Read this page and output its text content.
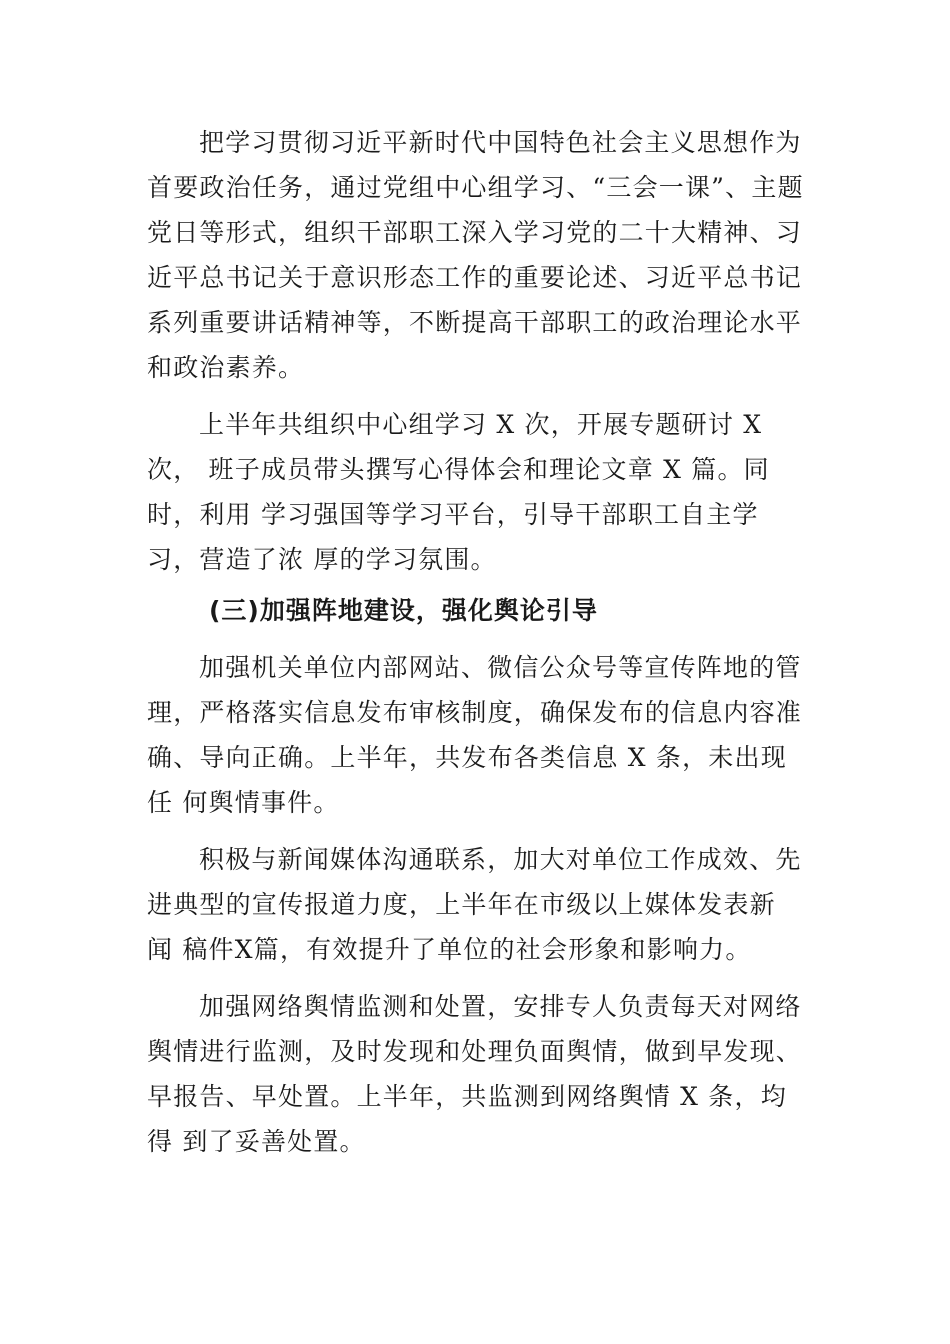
把学习贯彻习近平新时代中国特色社会主义思想作为
首要政治任务，通过党组中心组学习、“三会一课”、主题
党日等形式，组织干部职工深入学习党的二十大精神、习
近平总书记关于意识形态工作的重要论述、习近平总书记
系列重要讲话精神等，不断提高干部职工的政治理论水平
和政治素养。
上半年共组织中心组学习 X 次，开展专题研讨 X
次， 班子成员带头撰写心得体会和理论文章 X 篇。同
时，利用 学习强国等学习平台，引导干部职工自主学
习，营造了浓 厚的学习氛围。
(三)加强阵地建设，强化舆论引导
加强机关单位内部网站、微信公众号等宣传阵地的管
理，严格落实信息发布审核制度，确保发布的信息内容准
确、导向正确。上半年，共发布各类信息 X 条，未出现
任 何舆情事件。
积极与新闻媒体沟通联系，加大对单位工作成效、先
进典型的宣传报道力度，上半年在市级以上媒体发表新
闻 稿件X篇，有效提升了单位的社会形象和影响力。
加强网络舆情监测和处置，安排专人负责每天对网络
舆情进行监测，及时发现和处理负面舆情，做到早发现、
早报告、早处置。上半年，共监测到网络舆情 X 条，均
得 到了妥善处置。
